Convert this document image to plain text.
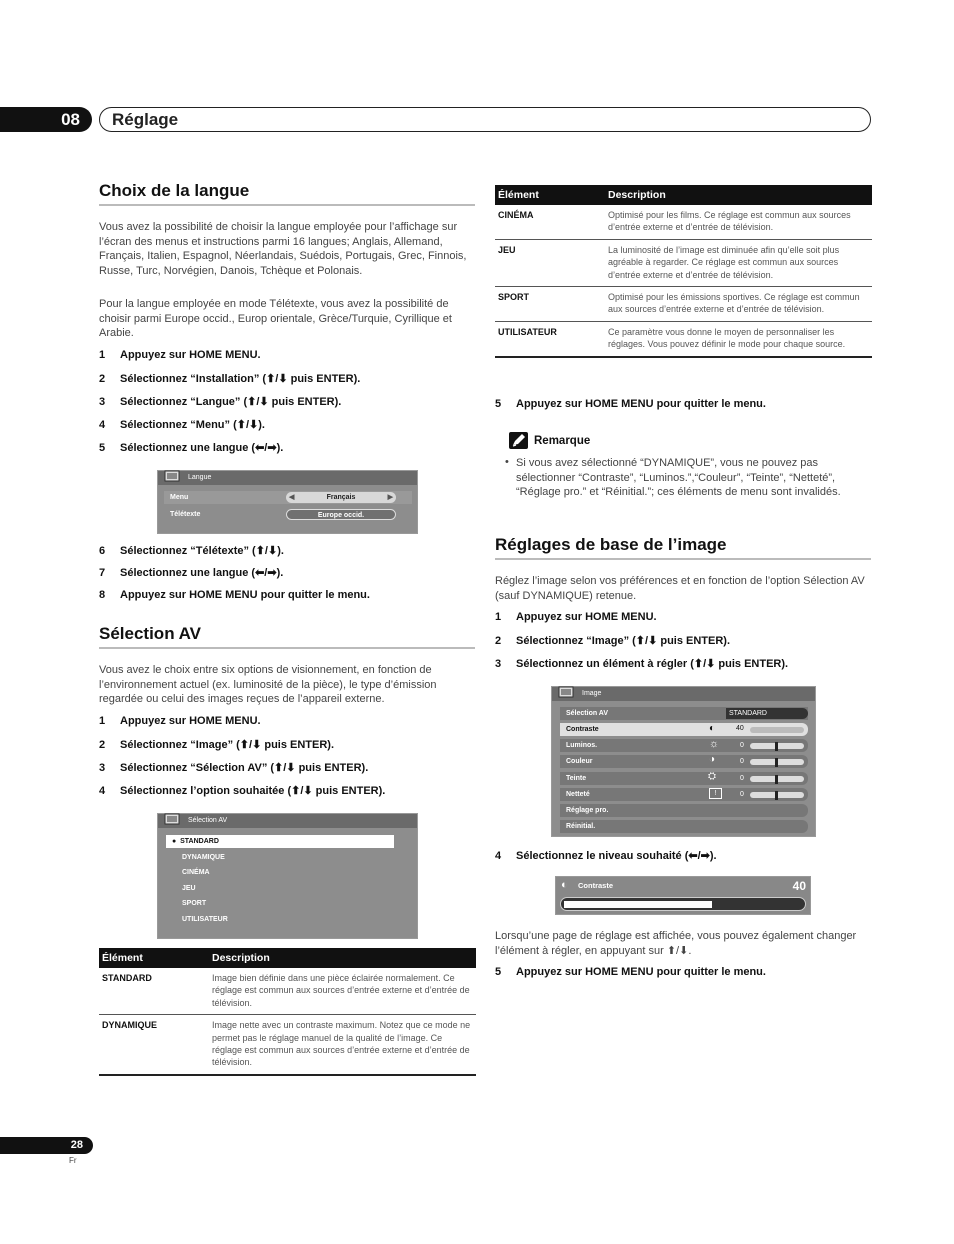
08	Réglage
Choix de la langue
Vous avez la possibilité de choisir la langue employée pour l’affichage sur l’écran des menus et instructions parmi 16 langues; Anglais, Allemand, Français, Italien, Espagnol, Néerlandais, Suédois, Portugais, Grec, Finnois, Russe, Turc, Norvégien, Danois, Tchèque et Polonais.
Pour la langue employée en mode Télétexte, vous avez la possibilité de choisir parmi Europe occid., Europ orientale, Grèce/Turquie, Cyrillique et Arabie.
1 Appuyez sur HOME MENU.
2 Sélectionnez “Installation” (⬆/⬇ puis ENTER).
3 Sélectionnez “Langue” (⬆/⬇ puis ENTER).
4 Sélectionnez “Menu” (⬆/⬇).
5 Sélectionnez une langue (⬅/➡).
Langue
Menu	◀	Français	▶
Télétexte	Europe occid.
6 Sélectionnez “Télétexte” (⬆/⬇).
7 Sélectionnez une langue (⬅/➡).
8 Appuyez sur HOME MENU pour quitter le menu.
Sélection AV
Vous avez le choix entre six options de visionnement, en fonction de l’environnement actuel (ex. luminosité de la pièce), le type d’émission regardée ou celui des images reçues de l’appareil externe.
1 Appuyez sur HOME MENU.
2 Sélectionnez “Image” (⬆/⬇ puis ENTER).
3 Sélectionnez “Sélection AV” (⬆/⬇ puis ENTER).
4 Sélectionnez l’option souhaitée (⬆/⬇ puis ENTER).
Sélection AV
● STANDARD
DYNAMIQUE
CINÉMA
JEU
SPORT
UTILISATEUR
Élément	Description
STANDARD	Image bien définie dans une pièce éclairée normalement. Ce réglage est commun aux sources d’entrée externe et d’entrée de télévision.
DYNAMIQUE	Image nette avec un contraste maximum. Notez que ce mode ne permet pas le réglage manuel de la qualité de l’image. Ce réglage est commun aux sources d’entrée externe et d’entrée de télévision.
Élément	Description
CINÉMA	Optimisé pour les films. Ce réglage est commun aux sources d’entrée externe et d’entrée de télévision.
JEU	La luminosité de l’image est diminuée afin qu’elle soit plus agréable à regarder. Ce réglage est commun aux sources d’entrée externe et d’entrée de télévision.
SPORT	Optimisé pour les émissions sportives. Ce réglage est commun aux sources d’entrée externe et d’entrée de télévision.
UTILISATEUR	Ce paramètre vous donne le moyen de personnaliser les réglages. Vous pouvez définir le mode pour chaque source.
5 Appuyez sur HOME MENU pour quitter le menu.
Remarque
• Si vous avez sélectionné “DYNAMIQUE”, vous ne pouvez pas sélectionner “Contraste”, “Luminos.”,“Couleur”, “Teinte”, “Netteté”, “Réglage pro.” et “Réinitial.”; ces éléments de menu sont invalidés.
Réglages de base de l’image
Réglez l’image selon vos préférences et en fonction de l’option Sélection AV (sauf DYNAMIQUE) retenue.
1 Appuyez sur HOME MENU.
2 Sélectionnez “Image” (⬆/⬇ puis ENTER).
3 Sélectionnez un élément à régler (⬆/⬇ puis ENTER).
Image
Sélection AV	STANDARD
Contraste	◐	40
Luminos.	☼	0
Couleur	◑	0
Teinte	⛭	0
Netteté	!	0
Réglage pro.
Réinitial.
4 Sélectionnez le niveau souhaité (⬅/➡).
◐ Contraste	40
Lorsqu’une page de réglage est affichée, vous pouvez également changer l’élément à régler, en appuyant sur ⬆/⬇.
5 Appuyez sur HOME MENU pour quitter le menu.
28
Fr
